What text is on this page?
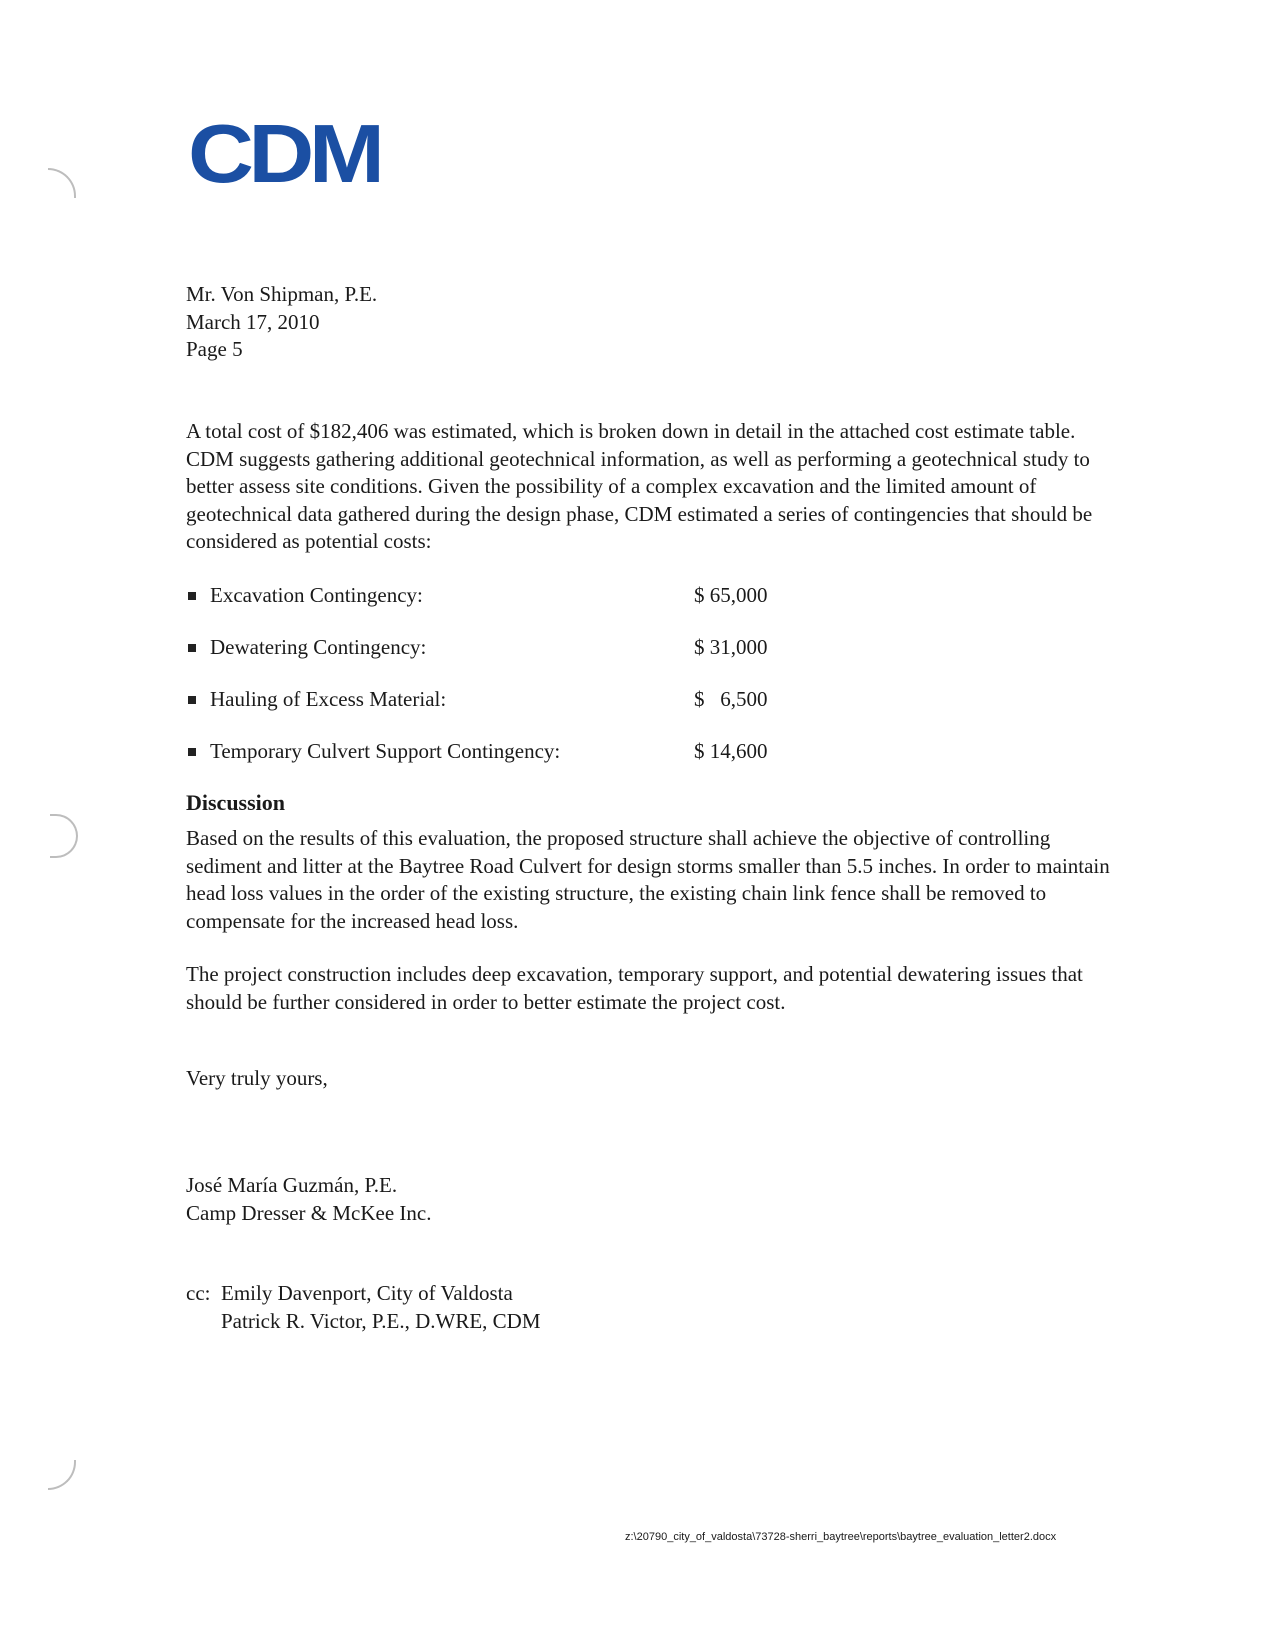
CDM
Mr. Von Shipman, P.E.
March 17, 2010
Page 5
A total cost of $182,406 was estimated, which is broken down in detail in the attached cost estimate table. CDM suggests gathering additional geotechnical information, as well as performing a geotechnical study to better assess site conditions. Given the possibility of a complex excavation and the limited amount of geotechnical data gathered during the design phase, CDM estimated a series of contingencies that should be considered as potential costs:
Excavation Contingency:	$ 65,000
Dewatering Contingency:	$ 31,000
Hauling of Excess Material:	$   6,500
Temporary Culvert Support Contingency:	$ 14,600
Discussion
Based on the results of this evaluation, the proposed structure shall achieve the objective of controlling sediment and litter at the Baytree Road Culvert for design storms smaller than 5.5 inches. In order to maintain head loss values in the order of the existing structure, the existing chain link fence shall be removed to compensate for the increased head loss.
The project construction includes deep excavation, temporary support, and potential dewatering issues that should be further considered in order to better estimate the project cost.
Very truly yours,
José María Guzmán, P.E.
Camp Dresser & McKee Inc.
cc: Emily Davenport, City of Valdosta
Patrick R. Victor, P.E., D.WRE, CDM
z:\20790_city_of_valdosta\73728-sherri_baytree\reports\baytree_evaluation_letter2.docx
